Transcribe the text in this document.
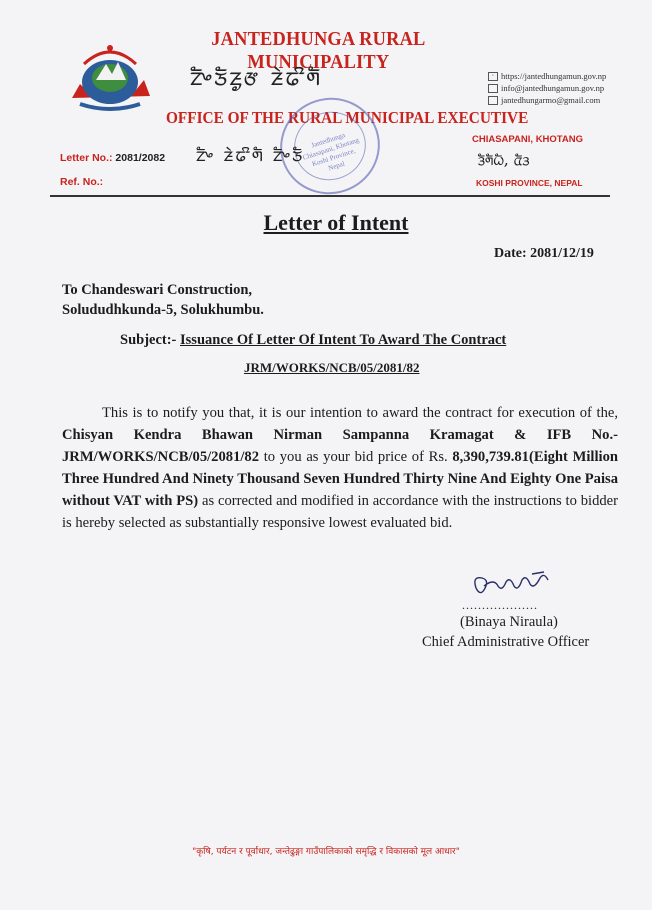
JANTEDHUNGA RURAL MUNICIPALITY
ᤁᤠᤴᤍᤠᤏᤢᤅ ᤏᤧᤒᤡᤛᤠ	◦ https://jantedhungamun.gov.np
info@jantedhungamun.gov.np
jantedhungarmo@gmail.com
OFFICE OF THE RURAL MUNICIPAL EXECUTIVE
Jantedhunga Chiasapani, Khotang Koshi Province, Nepal
Letter No.: 2081/2082 ᤁᤠᤴ ᤏᤧᤒᤡᤛᤠ ᤁᤠᤴᤍᤠ
Ref. No.:
CHIASAPANI, KHOTANG
ᤋᤠᤛᤠᤐᤠ, ᤂᤠᤋ
KOSHI PROVINCE, NEPAL
Letter of Intent
Date: 2081/12/19
To Chandeswari Construction,
Solududhkunda-5, Solukhumbu.
Subject:- Issuance Of Letter Of Intent To Award The Contract
JRM/WORKS/NCB/05/2081/82

This is to notify you that, it is our intention to award the contract for execution of the, Chisyan Kendra Bhawan Nirman Sampanna Kramagat & IFB No.-JRM/WORKS/NCB/05/2081/82 to you as your bid price of Rs. 8,390,739.81(Eight Million Three Hundred And Ninety Thousand Seven Hundred Thirty Nine And Eighty One Paisa without VAT with PS) as corrected and modified in accordance with the instructions to bidder is hereby selected as substantially responsive lowest evaluated bid.

...................
(Binaya Niraula)
Chief Administrative Officer
"कृषि, पर्यटन र पूर्वाधार, जन्तेढुङ्गा गाउँपालिकाको समृद्धि र विकासको मूल आधार"
